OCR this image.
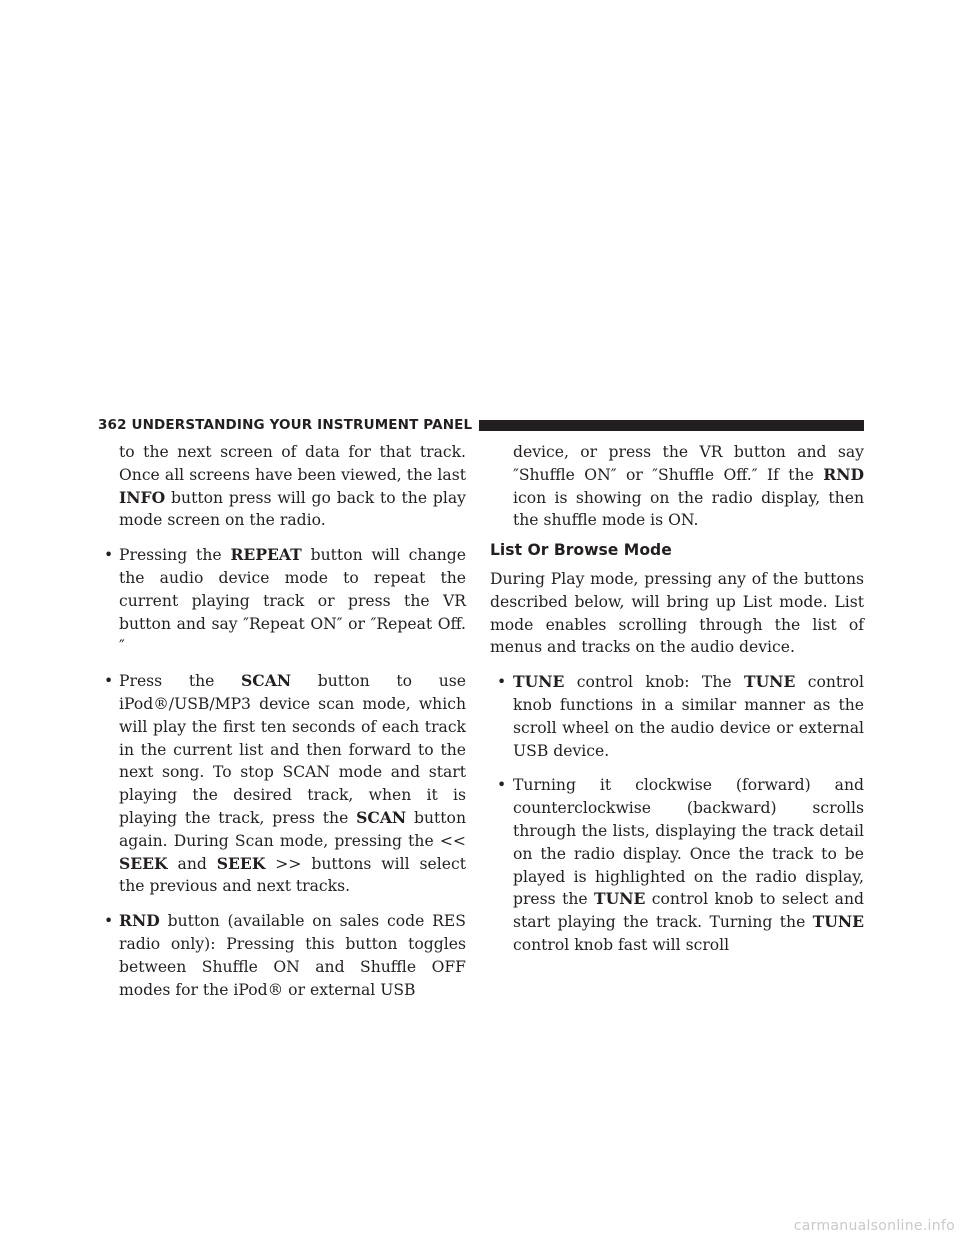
362 UNDERSTANDING YOUR INSTRUMENT PANEL

to the next screen of data for that track. Once all screens have been viewed, the last INFO button press will go back to the play mode screen on the radio.

• Pressing the REPEAT button will change the audio device mode to repeat the current playing track or press the VR button and say ″Repeat ON″ or ″Repeat Off.″

• Press the SCAN button to use iPod®/USB/MP3 device scan mode, which will play the first ten seconds of each track in the current list and then forward to the next song. To stop SCAN mode and start playing the desired track, when it is playing the track, press the SCAN button again. During Scan mode, pressing the << SEEK and SEEK >> buttons will select the previous and next tracks.

• RND button (available on sales code RES radio only): Pressing this button toggles between Shuffle ON and Shuffle OFF modes for the iPod® or external USB

device, or press the VR button and say ″Shuffle ON″ or ″Shuffle Off.″ If the RND icon is showing on the radio display, then the shuffle mode is ON.

List Or Browse Mode

During Play mode, pressing any of the buttons described below, will bring up List mode. List mode enables scrolling through the list of menus and tracks on the audio device.

• TUNE control knob: The TUNE control knob functions in a similar manner as the scroll wheel on the audio device or external USB device.

• Turning it clockwise (forward) and counterclockwise (backward) scrolls through the lists, displaying the track detail on the radio display. Once the track to be played is highlighted on the radio display, press the TUNE control knob to select and start playing the track. Turning the TUNE control knob fast will scroll

carmanualsonline.info
